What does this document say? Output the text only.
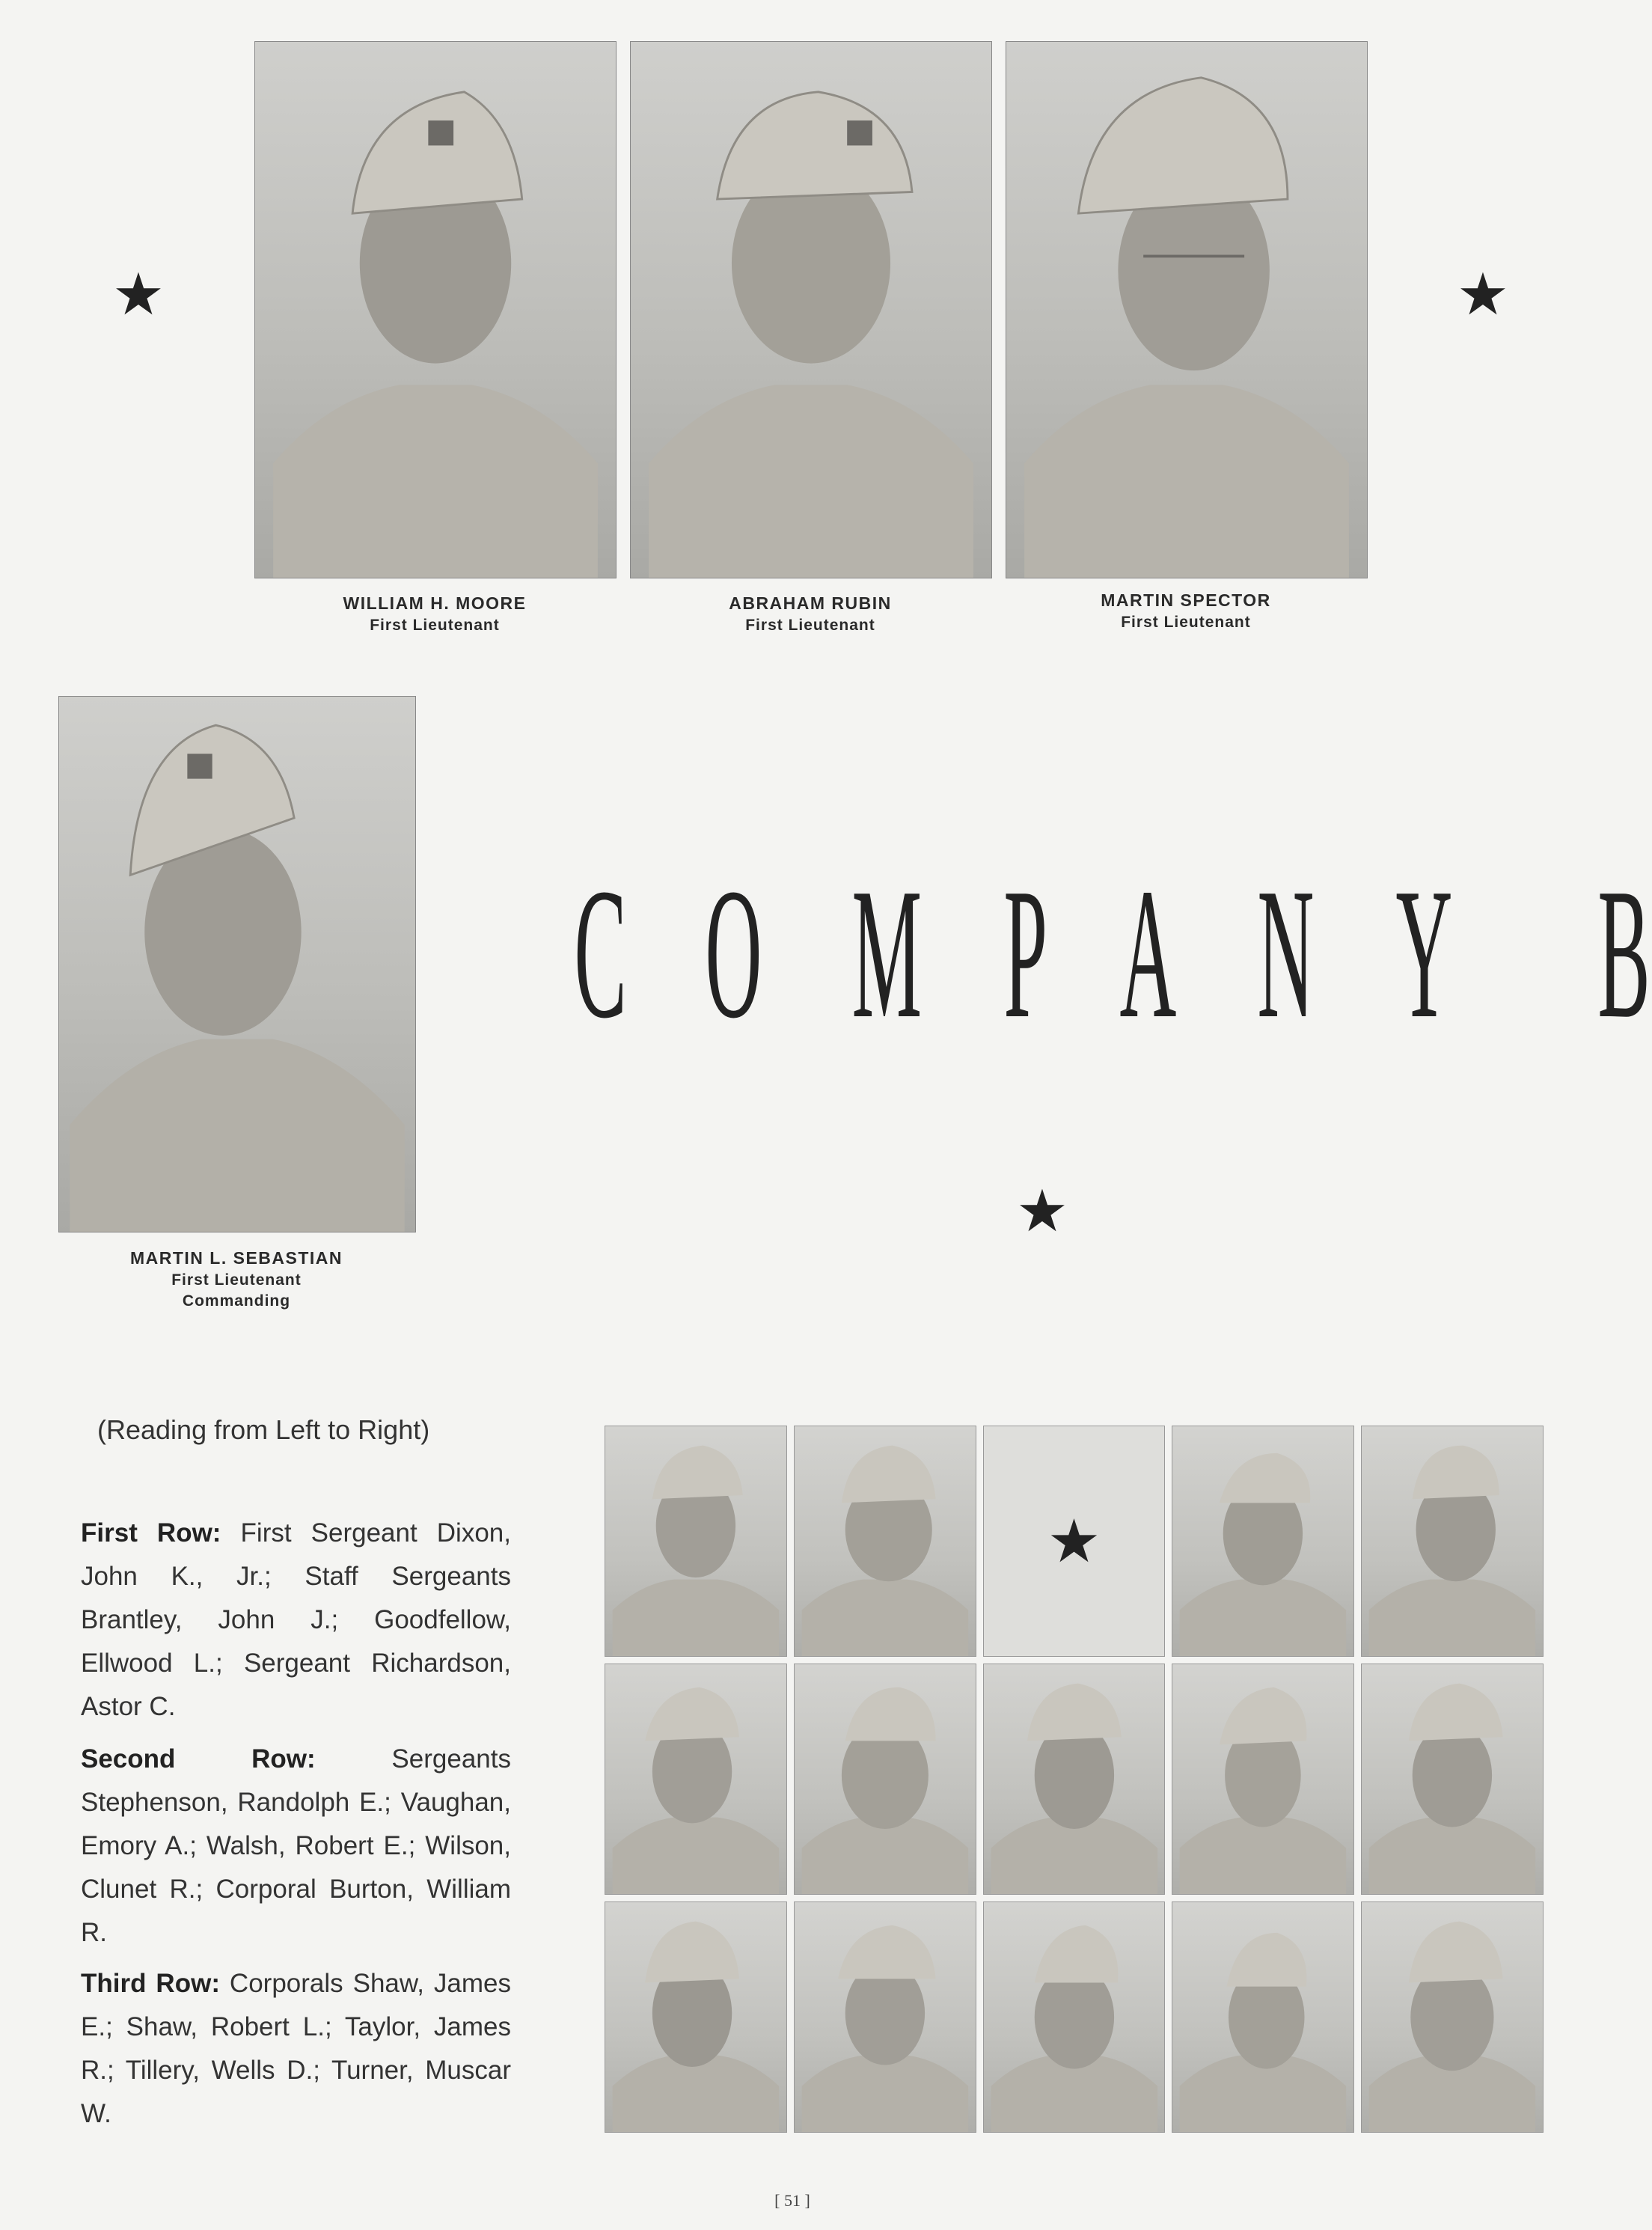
★	★
WILLIAM H. MOORE
First Lieutenant
ABRAHAM RUBIN
First Lieutenant
MARTIN SPECTOR
First Lieutenant
MARTIN L. SEBASTIAN
First Lieutenant
Commanding
C O M P A N Y B
★
(Reading from Left to Right)
First Row: First Sergeant Dixon, John K., Jr.; Staff Sergeants Brantley, John J.; Goodfellow, Ellwood L.; Sergeant Richardson, Astor C.
Second Row:	Sergeants Stephenson, Randolph E.; Vaughan, Emory A.; Walsh, Robert E.; Wilson, Clunet R.; Corporal Burton, William R.
Third Row: Corporals Shaw, James E.; Shaw, Robert L.; Taylor, James R.; Tillery, Wells D.; Turner, Muscar W.
★
[ 51 ]
